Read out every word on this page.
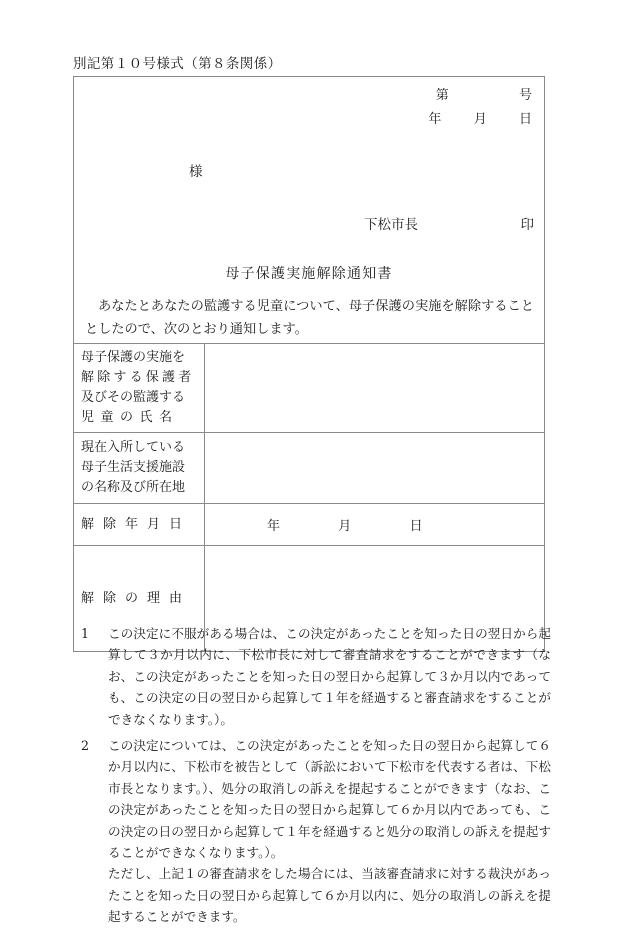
別記第１０号様式（第８条関係）
第	号
年 月 日
様
下松市長	印
母子保護実施解除通知書
あなたとあなたの監護する児童について、母子保護の実施を解除することとしたので、次のとおり通知します。
母子保護の実施を
解除する保護者
及びその監護する
児童の氏名	

現在入所している
母子生活支援施設
の名称及び所在地	

解除年月日	年 月 日

解除の理由	

1	この決定に不服がある場合は、この決定があったことを知った日の翌日から起算して３か月以内に、下松市長に対して審査請求をすることができます（なお、この決定があったことを知った日の翌日から起算して３か月以内であっても、この決定の日の翌日から起算して１年を経過すると審査請求をすることができなくなります。）。

2	この決定については、この決定があったことを知った日の翌日から起算して６か月以内に、下松市を被告として（訴訟において下松市を代表する者は、下松市長となります。）、処分の取消しの訴えを提起することができます（なお、この決定があったことを知った日の翌日から起算して６か月以内であっても、この決定の日の翌日から起算して１年を経過すると処分の取消しの訴えを提起することができなくなります。）。

ただし、上記１の審査請求をした場合には、当該審査請求に対する裁決があったことを知った日の翌日から起算して６か月以内に、処分の取消しの訴えを提起することができます。
